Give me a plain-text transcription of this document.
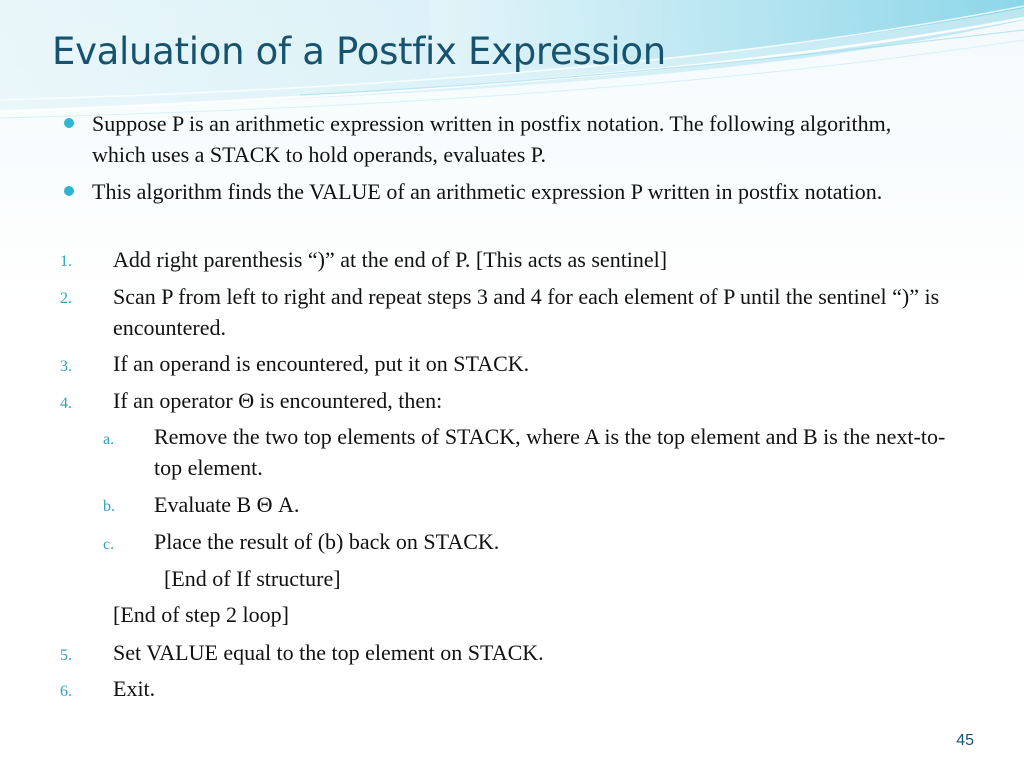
Evaluation of a Postfix Expression
Suppose P is an arithmetic expression written in postfix notation. The following algorithm, which uses a STACK to hold operands, evaluates P.
This algorithm finds the VALUE of an arithmetic expression P written in postfix notation.
1. Add right parenthesis “)” at the end of P. [This acts as sentinel]
2. Scan P from left to right and repeat steps 3 and 4 for each element of P until the sentinel “)” is encountered.
3. If an operand is encountered, put it on STACK.
4. If an operator Θ is encountered, then:
a. Remove the two top elements of STACK, where A is the top element and B is the next-to-top element.
b. Evaluate B Θ A.
c. Place the result of (b) back on STACK.
[End of If structure]
[End of step 2 loop]
5. Set VALUE equal to the top element on STACK.
6. Exit.
45
